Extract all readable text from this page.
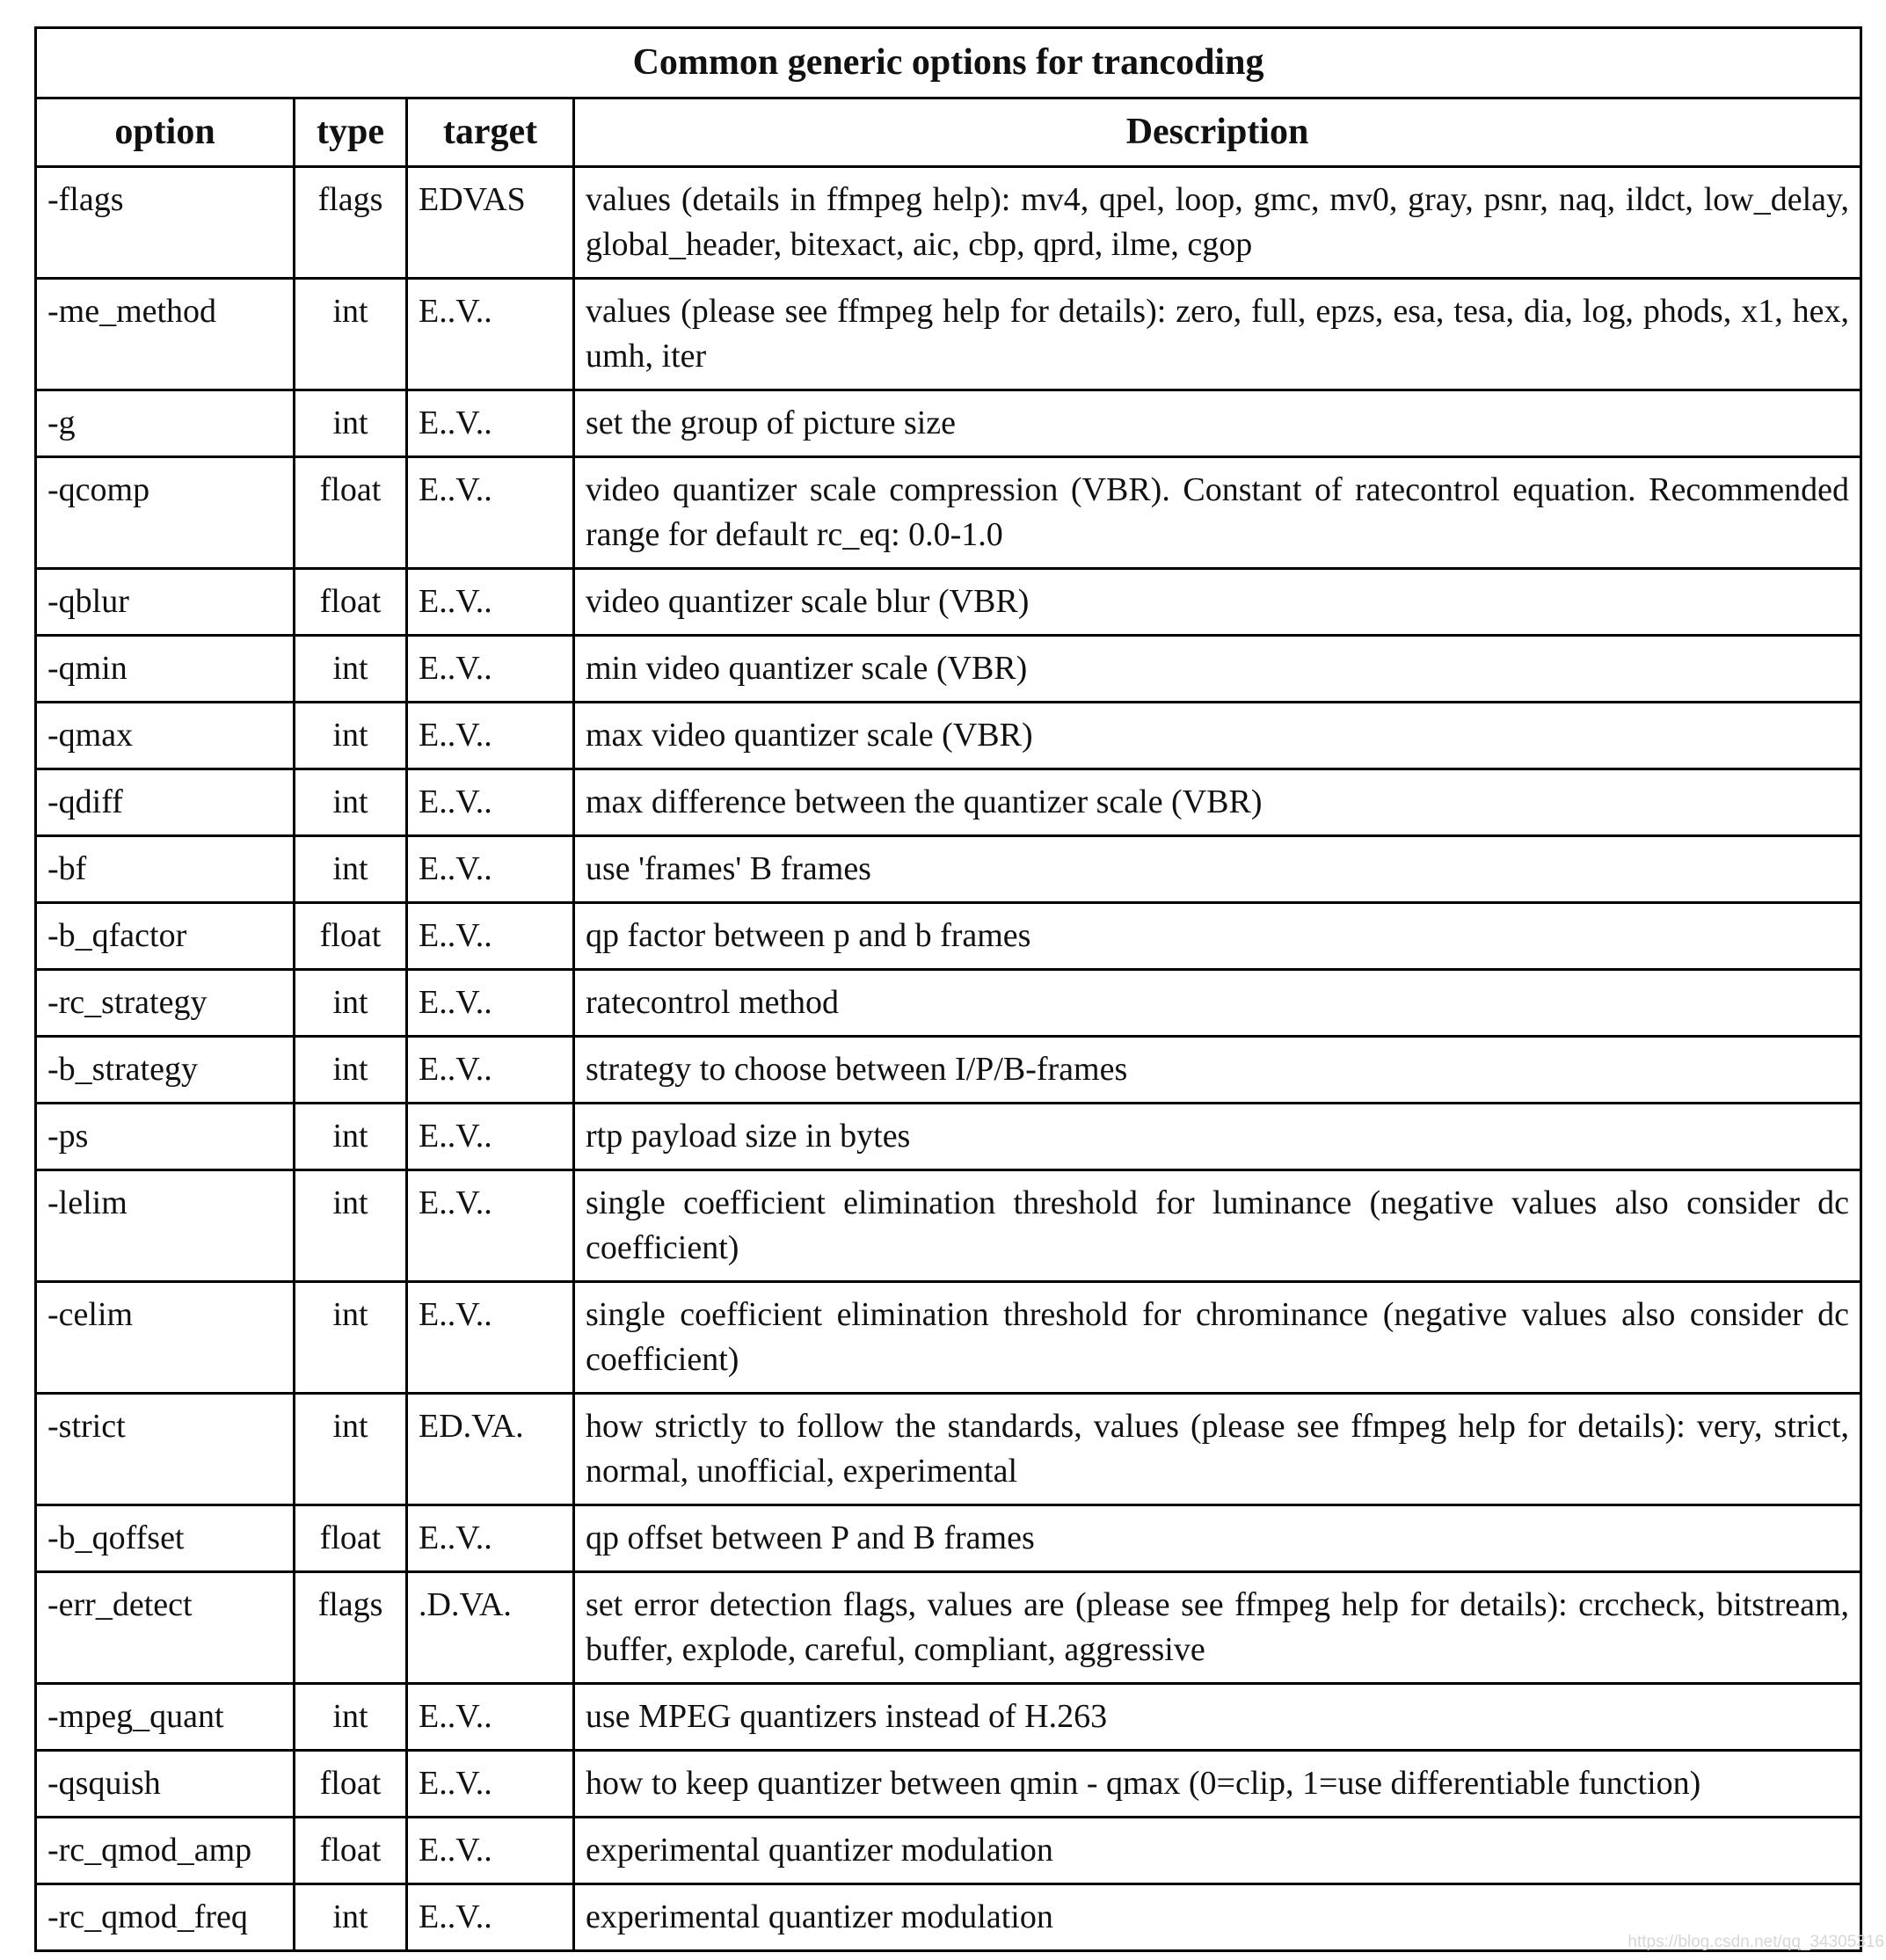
Common generic options for trancoding			
option	type	target	Description
-flags	flags	EDVAS	values (details in ffmpeg help): mv4, qpel, loop, gmc, mv0, gray, psnr, naq, ildct, low_delay, global_header, bitexact, aic, cbp, qprd, ilme, cgop
-me_method	int	E..V..	values (please see ffmpeg help for details): zero, full, epzs, esa, tesa, dia, log, phods, x1, hex, umh, iter
-g	int	E..V..	set the group of picture size
-qcomp	float	E..V..	video quantizer scale compression (VBR). Constant of ratecontrol equation. Recommended range for default rc_eq: 0.0-1.0
-qblur	float	E..V..	video quantizer scale blur (VBR)
-qmin	int	E..V..	min video quantizer scale (VBR)
-qmax	int	E..V..	max video quantizer scale (VBR)
-qdiff	int	E..V..	max difference between the quantizer scale (VBR)
-bf	int	E..V..	use 'frames' B frames
-b_qfactor	float	E..V..	qp factor between p and b frames
-rc_strategy	int	E..V..	ratecontrol method
-b_strategy	int	E..V..	strategy to choose between I/P/B-frames
-ps	int	E..V..	rtp payload size in bytes
-lelim	int	E..V..	single coefficient elimination threshold for luminance (negative values also consider dc coefficient)
-celim	int	E..V..	single coefficient elimination threshold for chrominance (negative values also consider dc coefficient)
-strict	int	ED.VA.	how strictly to follow the standards, values (please see ffmpeg help for details): very, strict, normal, unofficial, experimental
-b_qoffset	float	E..V..	qp offset between P and B frames
-err_detect	flags	.D.VA.	set error detection flags, values are (please see ffmpeg help for details): crccheck, bitstream, buffer, explode, careful, compliant, aggressive
-mpeg_quant	int	E..V..	use MPEG quantizers instead of H.263
-qsquish	float	E..V..	how to keep quantizer between qmin - qmax (0=clip, 1=use differentiable function)
-rc_qmod_amp	float	E..V..	experimental quantizer modulation
-rc_qmod_freq	int	E..V..	experimental quantizer modulation
https://blog.csdn.net/qq_34305316
